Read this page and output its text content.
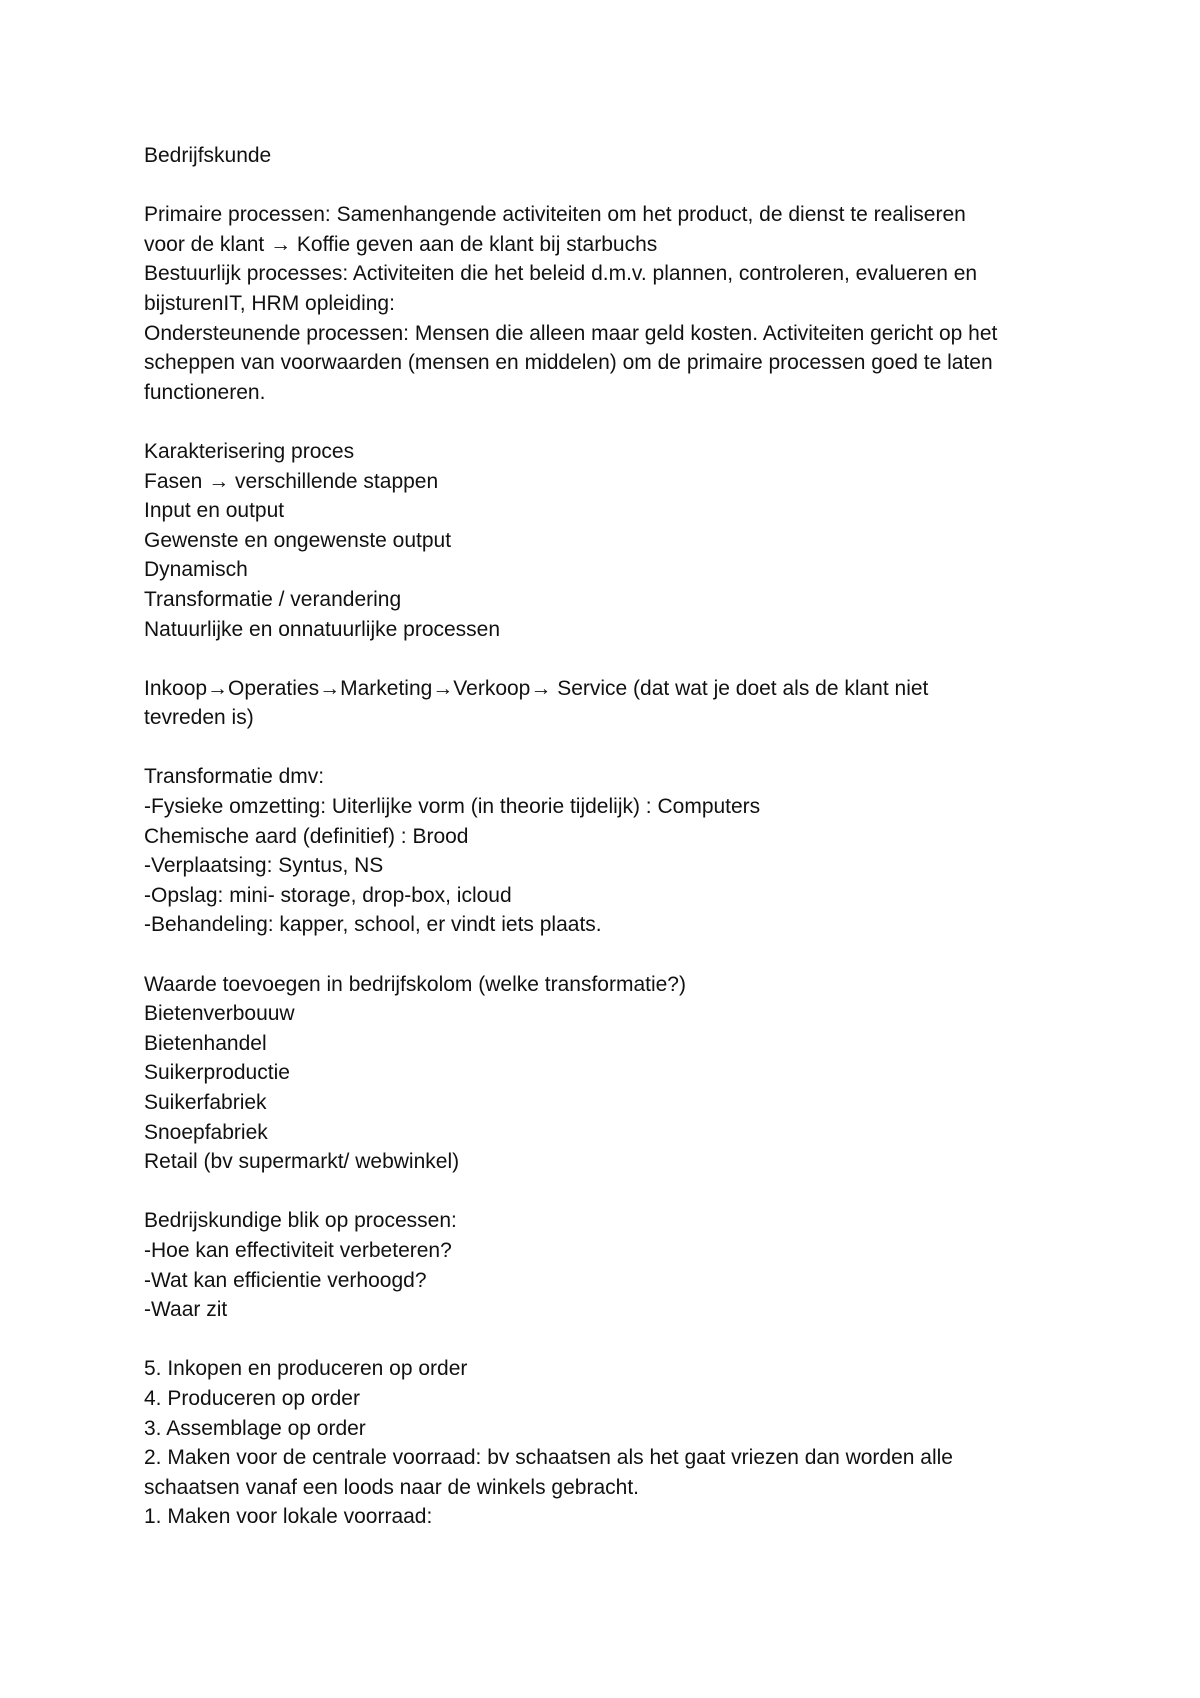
Bedrijfskunde
Primaire processen: Samenhangende activiteiten om het product, de dienst te realiseren
voor de klant → Koffie geven aan de klant bij starbuchs
Bestuurlijk processes: Activiteiten die het beleid d.m.v. plannen, controleren, evalueren en
bijsturenIT, HRM opleiding:
Ondersteunende processen: Mensen die alleen maar geld kosten. Activiteiten gericht op het
scheppen van voorwaarden (mensen en middelen) om de primaire processen goed te laten
functioneren.
Karakterisering proces
Fasen → verschillende stappen
Input en output
Gewenste en ongewenste output
Dynamisch
Transformatie / verandering
Natuurlijke en onnatuurlijke processen
Inkoop→Operaties→Marketing→Verkoop→ Service (dat wat je doet als de klant niet
tevreden is)
Transformatie dmv:
-Fysieke omzetting: Uiterlijke vorm (in theorie tijdelijk) : Computers
Chemische aard (definitief) : Brood
-Verplaatsing: Syntus, NS
-Opslag: mini- storage, drop-box, icloud
-Behandeling: kapper, school, er vindt iets plaats.
Waarde toevoegen in bedrijfskolom (welke transformatie?)
Bietenverbouuw
Bietenhandel
Suikerproductie
Suikerfabriek
Snoepfabriek
Retail (bv supermarkt/ webwinkel)
Bedrijskundige blik op processen:
-Hoe kan effectiviteit verbeteren?
-Wat kan efficientie verhoogd?
-Waar zit
5. Inkopen en produceren op order
4. Produceren op order
3. Assemblage op order
2. Maken voor de centrale voorraad: bv schaatsen als het gaat vriezen dan worden alle
schaatsen vanaf een loods naar de winkels gebracht.
1. Maken voor lokale voorraad:
